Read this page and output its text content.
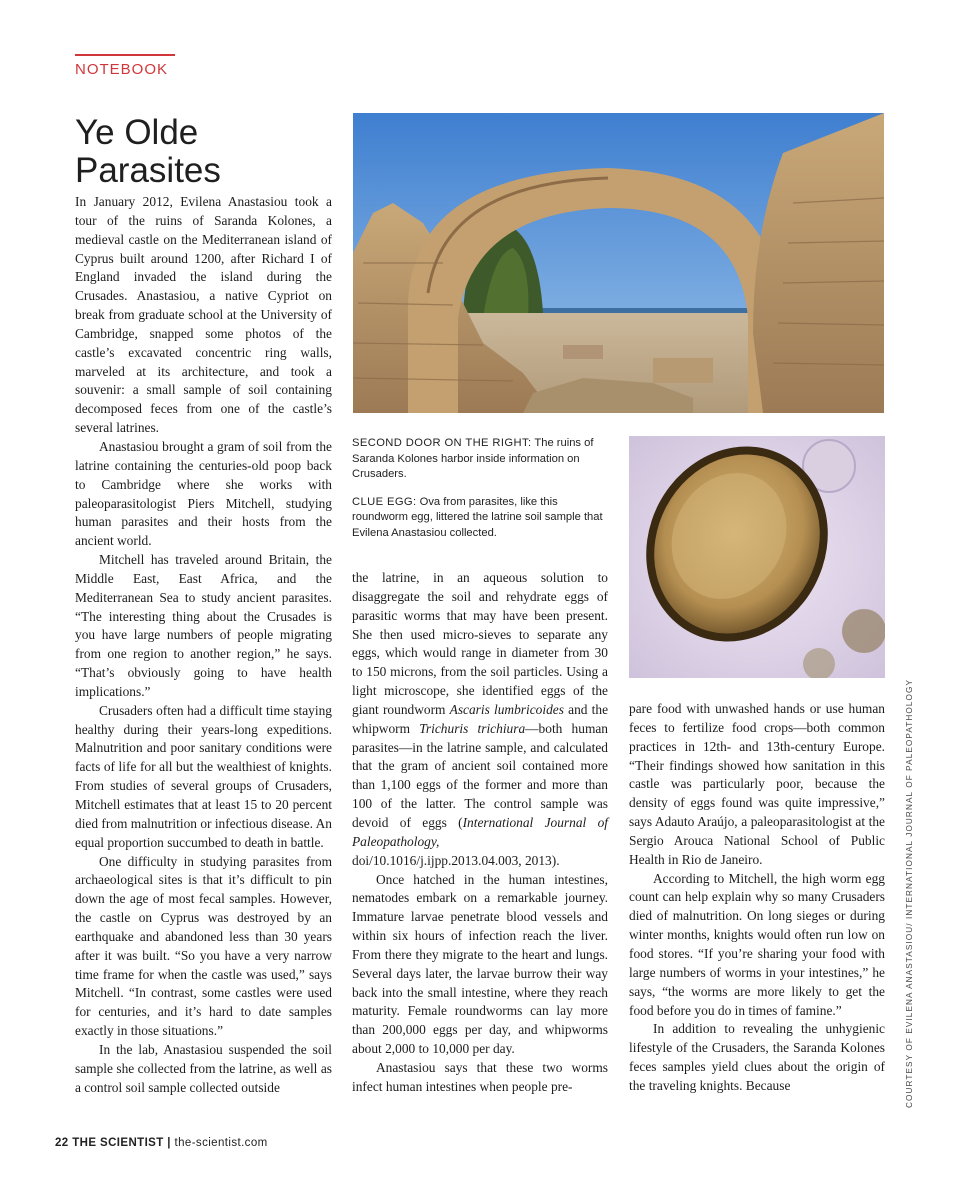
NOTEBOOK
Ye Olde Parasites

In January 2012, Evilena Anastasiou took a tour of the ruins of Saranda Kolones, a medieval castle on the Mediterranean island of Cyprus built around 1200, after Richard I of England invaded the island during the Crusades. Anastasiou, a native Cypriot on break from graduate school at the University of Cambridge, snapped some photos of the castle’s excavated concentric ring walls, marveled at its architecture, and took a souvenir: a small sample of soil containing decomposed feces from one of the castle’s several latrines.

Anastasiou brought a gram of soil from the latrine containing the centuries-old poop back to Cambridge where she works with paleoparasitologist Piers Mitchell, studying human parasites and their hosts from the ancient world.

Mitchell has traveled around Britain, the Middle East, East Africa, and the Mediterranean Sea to study ancient parasites. “The interesting thing about the Crusades is you have large numbers of people migrating from one region to another region,” he says. “That’s obviously going to have health implications.”

Crusaders often had a difficult time staying healthy during their years-long expeditions. Malnutrition and poor sanitary conditions were facts of life for all but the wealthiest of knights. From studies of several groups of Crusaders, Mitchell estimates that at least 15 to 20 percent died from malnutrition or infectious disease. An equal proportion succumbed to death in battle.

One difficulty in studying parasites from archaeological sites is that it’s difficult to pin down the age of most fecal samples. However, the castle on Cyprus was destroyed by an earthquake and abandoned less than 30 years after it was built. “So you have a very narrow time frame for when the castle was used,” says Mitchell. “In contrast, some castles were used for centuries, and it’s hard to date samples exactly in those situations.”

In the lab, Anastasiou suspended the soil sample she collected from the latrine, as well as a control soil sample collected outside

SECOND DOOR ON THE RIGHT: The ruins of Saranda Kolones harbor inside information on Crusaders.

CLUE EGG: Ova from parasites, like this roundworm egg, littered the latrine soil sample that Evilena Anastasiou collected.

the latrine, in an aqueous solution to disaggregate the soil and rehydrate eggs of parasitic worms that may have been present. She then used micro-sieves to separate any eggs, which would range in diameter from 30 to 150 microns, from the soil particles. Using a light microscope, she identified eggs of the giant roundworm Ascaris lumbricoides and the whipworm Trichuris trichiura—both human parasites—in the latrine sample, and calculated that the gram of ancient soil contained more than 1,100 eggs of the former and more than 100 of the latter. The control sample was devoid of eggs (International Journal of Paleopathology, doi/10.1016/j.ijpp.2013.04.003, 2013).

Once hatched in the human intestines, nematodes embark on a remarkable journey. Immature larvae penetrate blood vessels and within six hours of infection reach the liver. From there they migrate to the heart and lungs. Several days later, the larvae burrow their way back into the small intestine, where they reach maturity. Female roundworms can lay more than 200,000 eggs per day, and whipworms about 2,000 to 10,000 per day.

Anastasiou says that these two worms infect human intestines when people pre-

pare food with unwashed hands or use human feces to fertilize food crops—both common practices in 12th- and 13th-century Europe. “Their findings showed how sanitation in this castle was particularly poor, because the density of eggs found was quite impressive,” says Adauto Araújo, a paleoparasitologist at the Sergio Arouca National School of Public Health in Rio de Janeiro.

According to Mitchell, the high worm egg count can help explain why so many Crusaders died of malnutrition. On long sieges or during winter months, knights would often run low on food stores. “If you’re sharing your food with large numbers of worms in your intestines,” he says, “the worms are more likely to get the food before you do in times of famine.”

In addition to revealing the unhygienic lifestyle of the Crusaders, the Saranda Kolones feces samples yield clues about the origin of the traveling knights. Because	COURTESY OF EVILENA ANASTASIOU/ INTERNATIONAL JOURNAL OF PALEOPATHOLOGY
22 THE SCIENTIST | the-scientist.com
